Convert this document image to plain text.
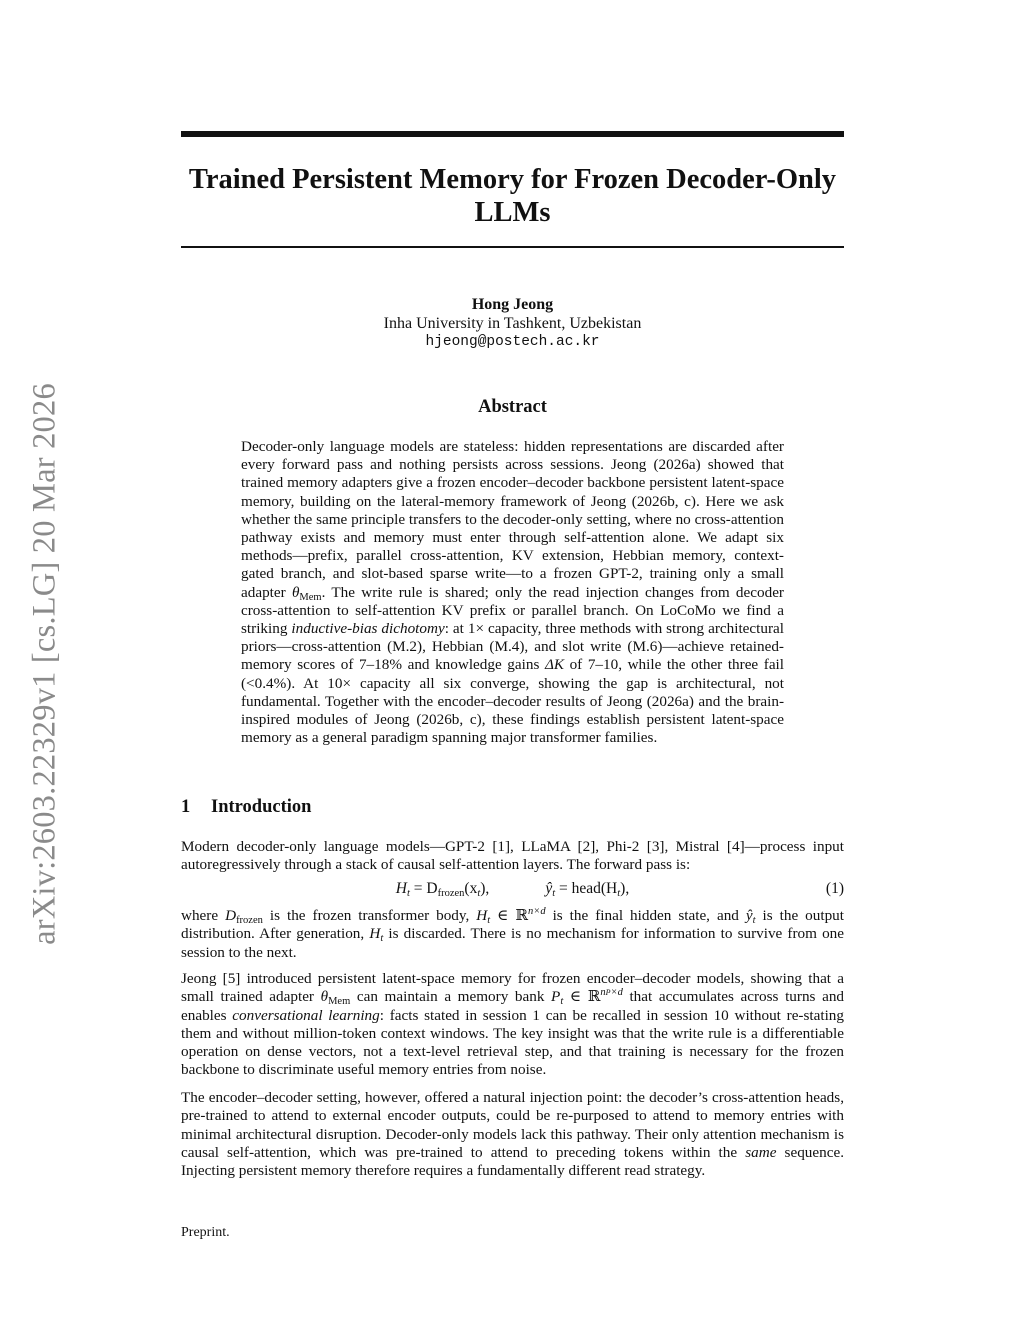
arXiv:2603.22329v1 [cs.LG] 20 Mar 2026
Trained Persistent Memory for Frozen Decoder-Only LLMs
Hong Jeong
Inha University in Tashkent, Uzbekistan
hjeong@postech.ac.kr
Abstract

Decoder-only language models are stateless: hidden representations are discarded after every forward pass and nothing persists across sessions. Jeong (2026a) showed that trained memory adapters give a frozen encoder–decoder backbone persistent latent-space memory, building on the lateral-memory framework of Jeong (2026b, c). Here we ask whether the same principle transfers to the decoder-only setting, where no cross-attention pathway exists and memory must enter through self-attention alone. We adapt six methods—prefix, parallel cross-attention, KV extension, Hebbian memory, context-gated branch, and slot-based sparse write—to a frozen GPT-2, training only a small adapter $\theta_{Mem}$. The write rule is shared; only the read injection changes from decoder cross-attention to self-attention KV prefix or parallel branch. On LoCoMo we find a striking inductive-bias dichotomy: at 1× capacity, three methods with strong architectural priors—cross-attention (M.2), Hebbian (M.4), and slot write (M.6)—achieve retained-memory scores of 7–18% and knowledge gains ΔK of 7–10, while the other three fail (<0.4%). At 10× capacity all six converge, showing the gap is architectural, not fundamental. Together with the encoder–decoder results of Jeong (2026a) and the brain-inspired modules of Jeong (2026b, c), these findings establish persistent latent-space memory as a general paradigm spanning major transformer families.

1 Introduction

Modern decoder-only language models—GPT-2 [1], LLaMA [2], Phi-2 [3], Mistral [4]—process input autoregressively through a stack of causal self-attention layers. The forward pass is:

$H_t = D_{frozen}(x_t)$,	$ŷ_t$ = $head(H_t)$,	(1)

where $D_{frozen}$ is the frozen transformer body, $H_t$ ∈ ℝ$^{n\times d}$ is the final hidden state, and $ŷ_t$ is the output distribution. After generation, $H_t$ is discarded. There is no mechanism for information to survive from one session to the next.

Jeong [5] introduced persistent latent-space memory for frozen encoder–decoder models, showing that a small trained adapter $\theta_{Mem}$ can maintain a memory bank $P_t$ ∈ ℝ$^{nP\times d}$ that accumulates across turns and enables conversational learning: facts stated in session 1 can be recalled in session 10 without re-stating them and without million-token context windows. The key insight was that the write rule is a differentiable operation on dense vectors, not a text-level retrieval step, and that training is necessary for the frozen backbone to discriminate useful memory entries from noise.

The encoder–decoder setting, however, offered a natural injection point: the decoder’s cross-attention heads, pre-trained to attend to external encoder outputs, could be re-purposed to attend to memory entries with minimal architectural disruption. Decoder-only models lack this pathway. Their only attention mechanism is causal self-attention, which was pre-trained to attend to preceding tokens within the same sequence. Injecting persistent memory therefore requires a fundamentally different read strategy.

Preprint.
